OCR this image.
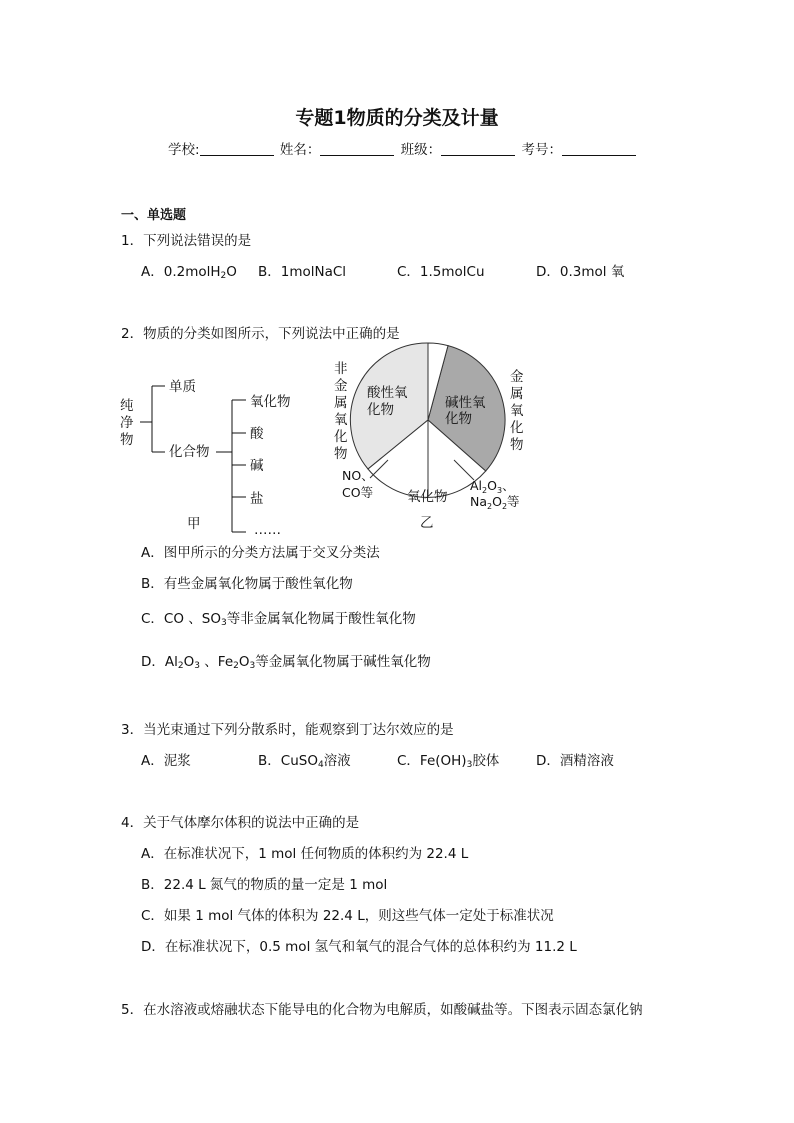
专题1物质的分类及计量
学校:	姓名：	班级：	考号：
一、单选题
1．下列说法错误的是
A．0.2molH$_2$O B．1molNaCl	C．1.5molCu	D．0.3mol 氧
2．物质的分类如图所示，下列说法中正确的是
纯
净
物
单质
化合物
氧化物
酸
碱
盐
……
甲
非
金
属
氧
化
物
金
属
氧
化
物
酸性氧
化物	碱性氧
化物
氧化物
乙
NO、
CO等	$Al_2O_3$、
$Na_2O_2$等
A．图甲所示的分类方法属于交叉分类法
B．有些金属氧化物属于酸性氧化物
C．CO 、$SO_3$等非金属氧化物属于酸性氧化物
D．$Al_2O_3$ 、$Fe_2O_3$等金属氧化物属于碱性氧化物
3．当光束通过下列分散系时，能观察到丁达尔效应的是
A．泥浆	B．CuSO$_4$溶液	C．$Fe(OH)_3$胶体	D．酒精溶液
4．关于气体摩尔体积的说法中正确的是
A．在标准状况下，1 mol 任何物质的体积约为 22.4 L
B．22.4 L 氮气的物质的量一定是 1 mol
C．如果 1 mol 气体的体积为 22.4 L，则这些气体一定处于标准状况
D．在标准状况下，0.5 mol 氢气和氧气的混合气体的总体积约为 11.2 L
5．在水溶液或熔融状态下能导电的化合物为电解质，如酸碱盐等。下图表示固态氯化钠
